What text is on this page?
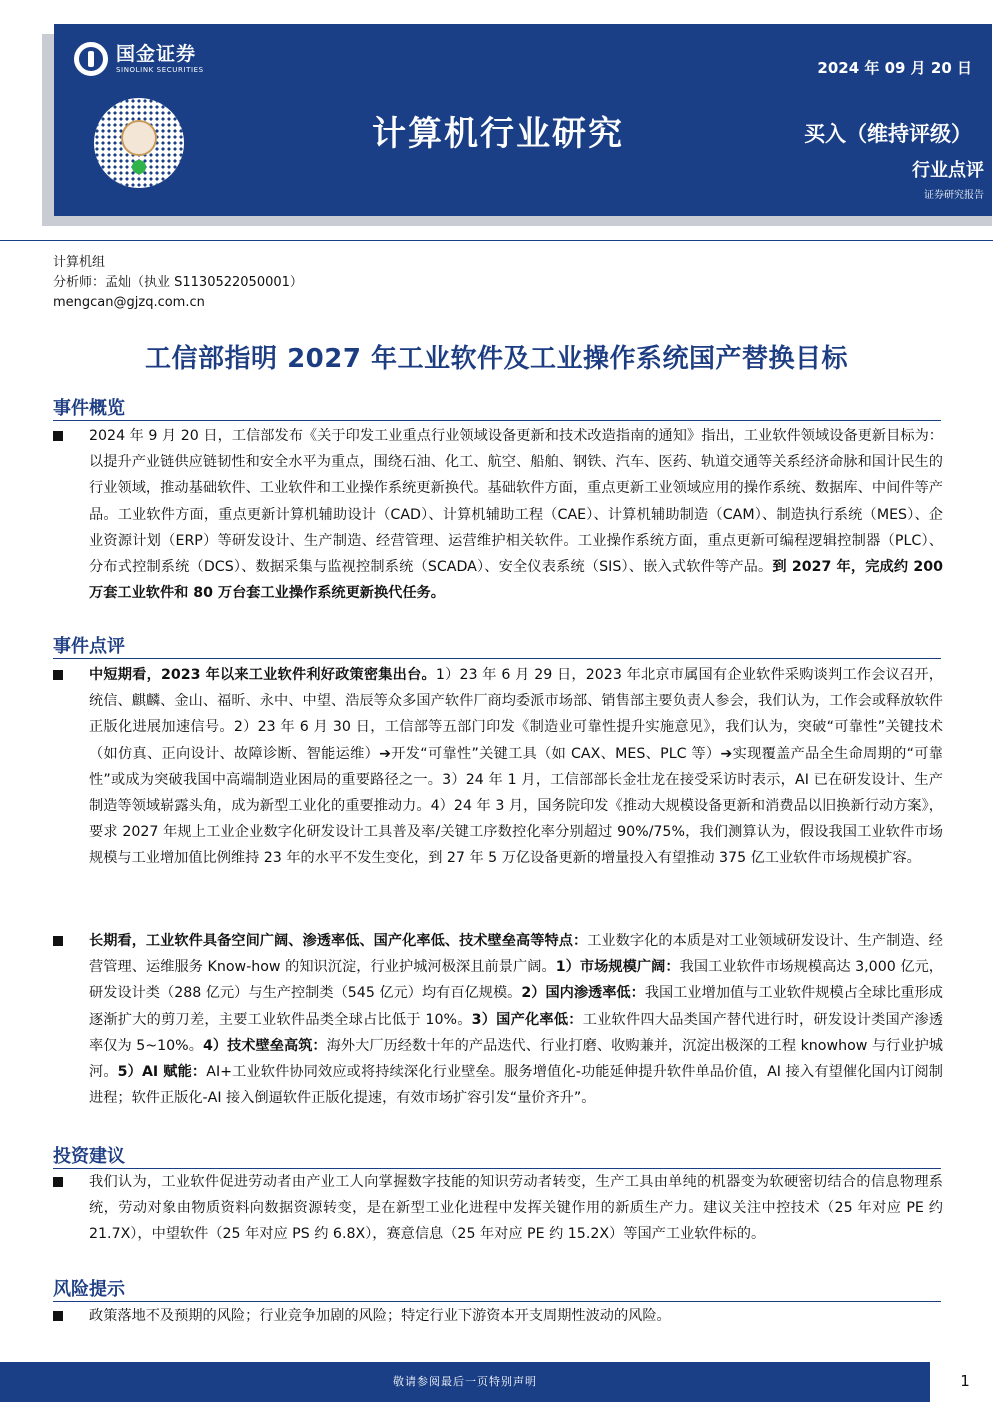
国金证券
SINOLINK SECURITIES	2024 年 09 月 20 日
计算机行业研究	买入（维持评级）
行业点评
证券研究报告
计算机组
分析师：孟灿（执业 S1130522050001）
mengcan@gjzq.com.cn
工信部指明 2027 年工业软件及工业操作系统国产替换目标
事件概览
2024 年 9 月 20 日，工信部发布《关于印发工业重点行业领域设备更新和技术改造指南的通知》指出，工业软件领域设备更新目标为：以提升产业链供应链韧性和安全水平为重点，围绕石油、化工、航空、船舶、钢铁、汽车、医药、轨道交通等关系经济命脉和国计民生的行业领域，推动基础软件、工业软件和工业操作系统更新换代。基础软件方面，重点更新工业领域应用的操作系统、数据库、中间件等产品。工业软件方面，重点更新计算机辅助设计（CAD）、计算机辅助工程（CAE）、计算机辅助制造（CAM）、制造执行系统（MES）、企业资源计划（ERP）等研发设计、生产制造、经营管理、运营维护相关软件。工业操作系统方面，重点更新可编程逻辑控制器（PLC）、分布式控制系统（DCS）、数据采集与监视控制系统（SCADA）、安全仪表系统（SIS）、嵌入式软件等产品。到 2027 年，完成约 200 万套工业软件和 80 万台套工业操作系统更新换代任务。
事件点评
中短期看，2023 年以来工业软件利好政策密集出台。1）23 年 6 月 29 日，2023 年北京市属国有企业软件采购谈判工作会议召开，统信、麒麟、金山、福昕、永中、中望、浩辰等众多国产软件厂商均委派市场部、销售部主要负责人参会，我们认为，工作会或释放软件正版化进展加速信号。2）23 年 6 月 30 日，工信部等五部门印发《制造业可靠性提升实施意见》，我们认为，突破“可靠性”关键技术（如仿真、正向设计、故障诊断、智能运维）➔开发“可靠性”关键工具（如 CAX、MES、PLC 等）➔实现覆盖产品全生命周期的“可靠性”或成为突破我国中高端制造业困局的重要路径之一。3）24 年 1 月，工信部部长金壮龙在接受采访时表示，AI 已在研发设计、生产制造等领域崭露头角，成为新型工业化的重要推动力。4）24 年 3 月，国务院印发《推动大规模设备更新和消费品以旧换新行动方案》，要求 2027 年规上工业企业数字化研发设计工具普及率/关键工序数控化率分别超过 90%/75%，我们测算认为，假设我国工业软件市场规模与工业增加值比例维持 23 年的水平不发生变化，到 27 年 5 万亿设备更新的增量投入有望推动 375 亿工业软件市场规模扩容。
长期看，工业软件具备空间广阔、渗透率低、国产化率低、技术壁垒高等特点：工业数字化的本质是对工业领域研发设计、生产制造、经营管理、运维服务 Know-how 的知识沉淀，行业护城河极深且前景广阔。1）市场规模广阔：我国工业软件市场规模高达 3,000 亿元，研发设计类（288 亿元）与生产控制类（545 亿元）均有百亿规模。2）国内渗透率低：我国工业增加值与工业软件规模占全球比重形成逐渐扩大的剪刀差，主要工业软件品类全球占比低于 10%。3）国产化率低：工业软件四大品类国产替代进行时，研发设计类国产渗透率仅为 5~10%。4）技术壁垒高筑：海外大厂历经数十年的产品迭代、行业打磨、收购兼并，沉淀出极深的工程 knowhow 与行业护城河。5）AI 赋能：AI+工业软件协同效应或将持续深化行业壁垒。服务增值化-功能延伸提升软件单品价值，AI 接入有望催化国内订阅制进程；软件正版化-AI 接入倒逼软件正版化提速，有效市场扩容引发“量价齐升”。
投资建议
我们认为，工业软件促进劳动者由产业工人向掌握数字技能的知识劳动者转变，生产工具由单纯的机器变为软硬密切结合的信息物理系统，劳动对象由物质资料向数据资源转变，是在新型工业化进程中发挥关键作用的新质生产力。建议关注中控技术（25 年对应 PE 约 21.7X），中望软件（25 年对应 PS 约 6.8X），赛意信息（25 年对应 PE 约 15.2X）等国产工业软件标的。
风险提示
政策落地不及预期的风险；行业竞争加剧的风险；特定行业下游资本开支周期性波动的风险。
敬请参阅最后一页特别声明	1
